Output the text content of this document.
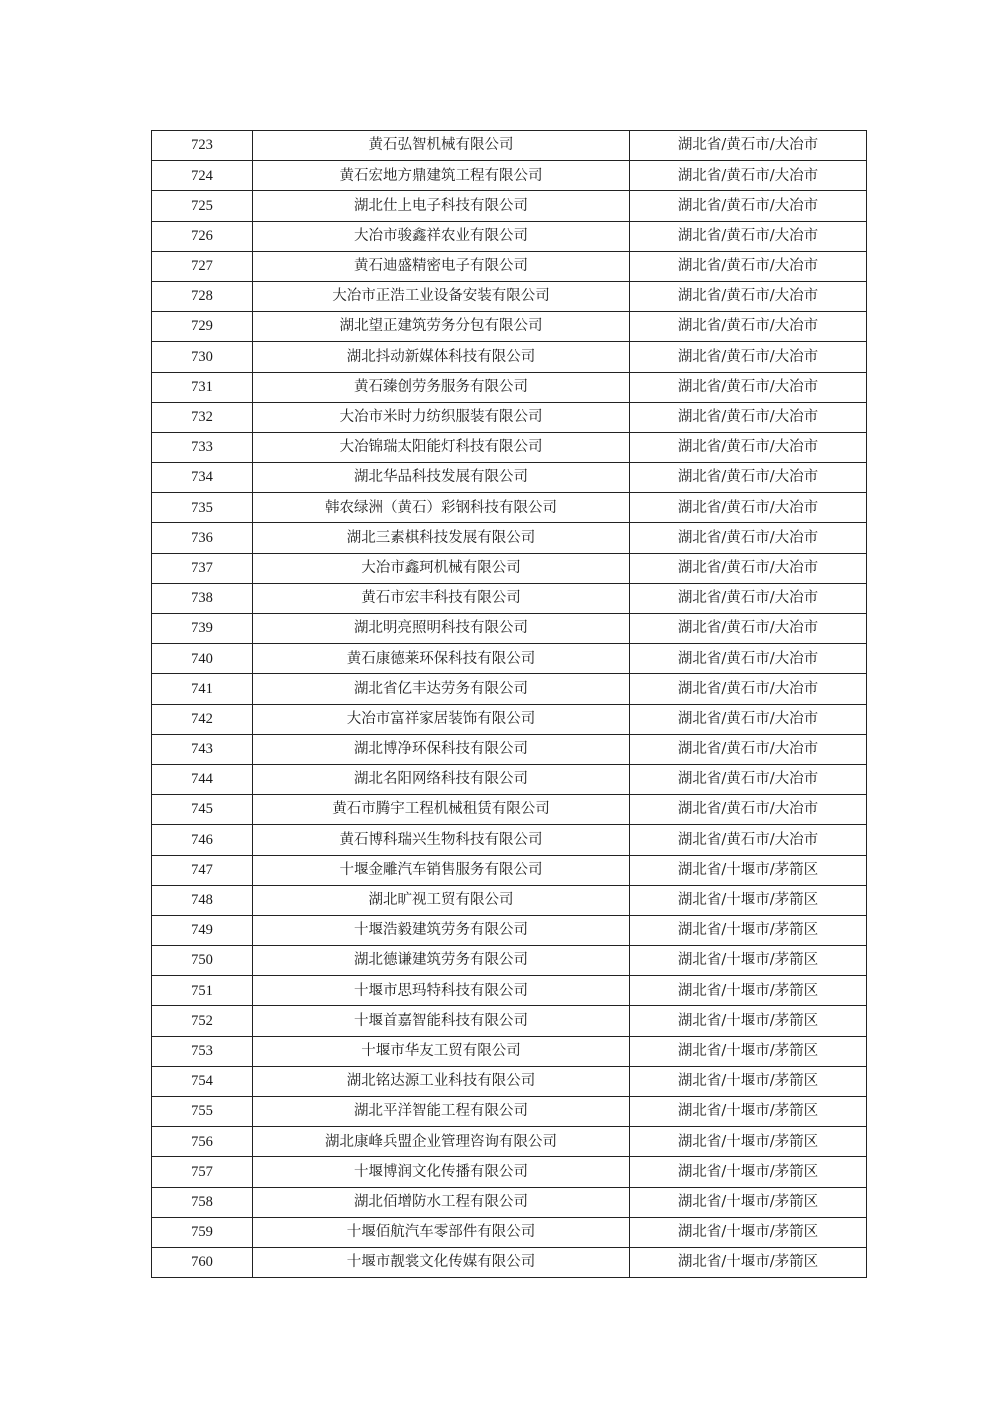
723	黄石弘智机械有限公司	湖北省/黄石市/大冶市
724	黄石宏地方鼎建筑工程有限公司	湖北省/黄石市/大冶市
725	湖北仕上电子科技有限公司	湖北省/黄石市/大冶市
726	大冶市骏鑫祥农业有限公司	湖北省/黄石市/大冶市
727	黄石迪盛精密电子有限公司	湖北省/黄石市/大冶市
728	大冶市正浩工业设备安装有限公司	湖北省/黄石市/大冶市
729	湖北望正建筑劳务分包有限公司	湖北省/黄石市/大冶市
730	湖北抖动新媒体科技有限公司	湖北省/黄石市/大冶市
731	黄石臻创劳务服务有限公司	湖北省/黄石市/大冶市
732	大冶市米时力纺织服装有限公司	湖北省/黄石市/大冶市
733	大冶锦瑞太阳能灯科技有限公司	湖北省/黄石市/大冶市
734	湖北华品科技发展有限公司	湖北省/黄石市/大冶市
735	韩农绿洲（黄石）彩钢科技有限公司	湖北省/黄石市/大冶市
736	湖北三素棋科技发展有限公司	湖北省/黄石市/大冶市
737	大冶市鑫珂机械有限公司	湖北省/黄石市/大冶市
738	黄石市宏丰科技有限公司	湖北省/黄石市/大冶市
739	湖北明亮照明科技有限公司	湖北省/黄石市/大冶市
740	黄石康德莱环保科技有限公司	湖北省/黄石市/大冶市
741	湖北省亿丰达劳务有限公司	湖北省/黄石市/大冶市
742	大冶市富祥家居装饰有限公司	湖北省/黄石市/大冶市
743	湖北博净环保科技有限公司	湖北省/黄石市/大冶市
744	湖北名阳网络科技有限公司	湖北省/黄石市/大冶市
745	黄石市腾宇工程机械租赁有限公司	湖北省/黄石市/大冶市
746	黄石博科瑞兴生物科技有限公司	湖北省/黄石市/大冶市
747	十堰金雕汽车销售服务有限公司	湖北省/十堰市/茅箭区
748	湖北旷视工贸有限公司	湖北省/十堰市/茅箭区
749	十堰浩毅建筑劳务有限公司	湖北省/十堰市/茅箭区
750	湖北德谦建筑劳务有限公司	湖北省/十堰市/茅箭区
751	十堰市思玛特科技有限公司	湖北省/十堰市/茅箭区
752	十堰首嘉智能科技有限公司	湖北省/十堰市/茅箭区
753	十堰市华友工贸有限公司	湖北省/十堰市/茅箭区
754	湖北铭达源工业科技有限公司	湖北省/十堰市/茅箭区
755	湖北平洋智能工程有限公司	湖北省/十堰市/茅箭区
756	湖北康峰兵盟企业管理咨询有限公司	湖北省/十堰市/茅箭区
757	十堰博润文化传播有限公司	湖北省/十堰市/茅箭区
758	湖北佰增防水工程有限公司	湖北省/十堰市/茅箭区
759	十堰佰航汽车零部件有限公司	湖北省/十堰市/茅箭区
760	十堰市靓裳文化传媒有限公司	湖北省/十堰市/茅箭区
